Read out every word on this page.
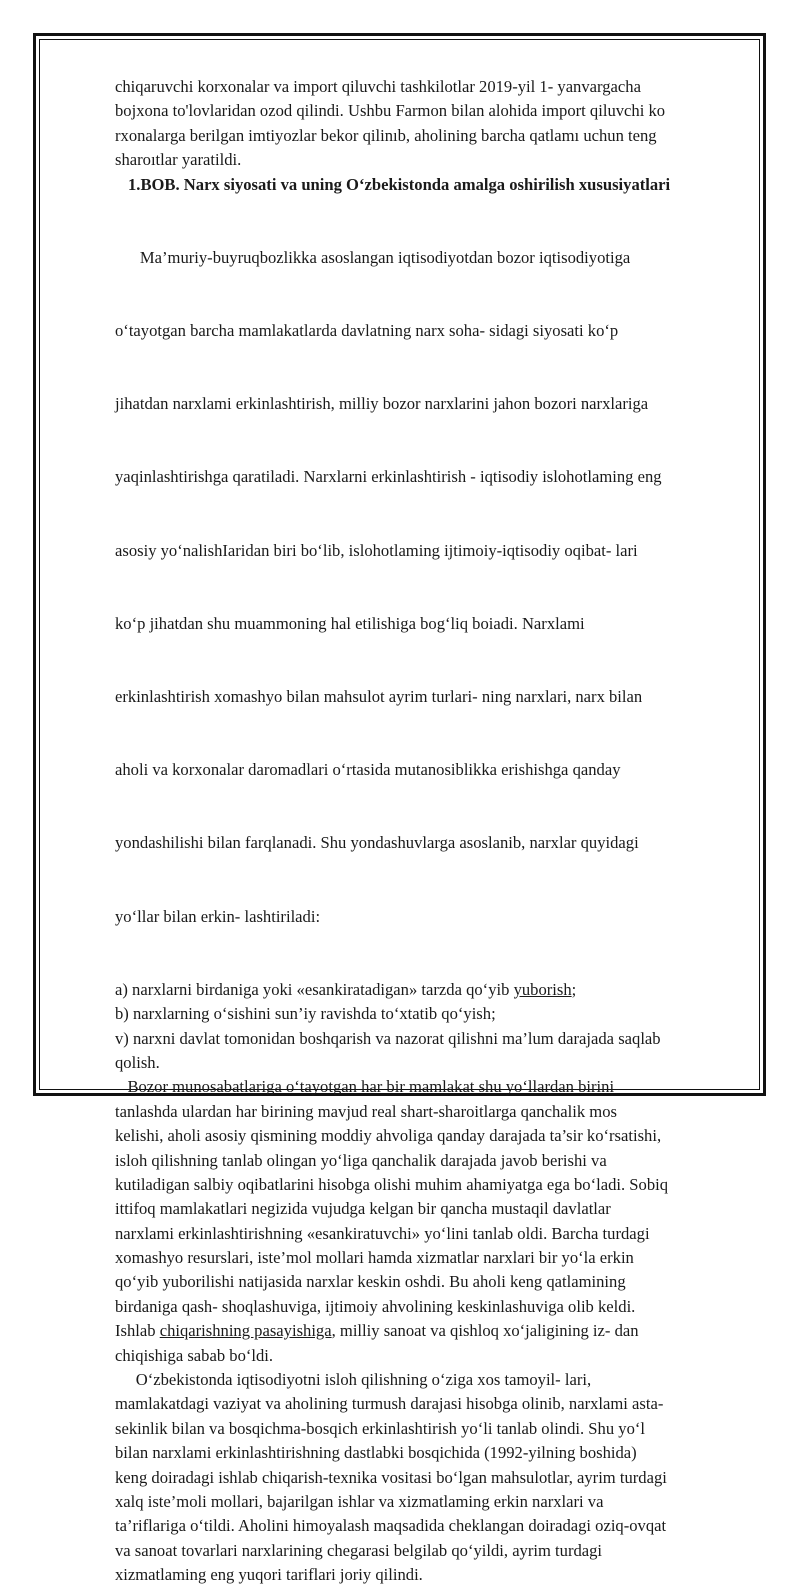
chiqaruvchi korxonalar va import qiluvchi tashkilotlar 2019-yil 1- yanvargacha
bojxona to'lovlaridan ozod qilindi. Ushbu Farmon bilan alohida import qiluvchi ko
rxonalarga berilgan imtiyozlar bekor qilinıb, aholining barcha qatlamı uchun teng
sharoıtlar yaratildi.
1.BOB. Narx siyosati va uning O‘zbekistonda amalga oshirilish xususiyatlari

Ma’muriy-buyruqbozlikka asoslangan iqtisodiyotdan bozor iqtisodiyotiga

o‘tayotgan barcha mamlakatlarda davlatning narx soha- sidagi siyosati ko‘p

jihatdan narxlami erkinlashtirish, milliy bozor narxlarini jahon bozori narxlariga

yaqinlashtirishga qaratiladi. Narxlarni erkinlashtirish - iqtisodiy islohotlaming eng

asosiy yo‘nalishIaridan biri bo‘lib, islohotlaming ijtimoiy-iqtisodiy oqibat- lari

ko‘p jihatdan shu muammoning hal etilishiga bog‘liq boiadi. Narxlami

erkinlashtirish xomashyo bilan mahsulot ayrim turlari- ning narxlari, narx bilan

aholi va korxonalar daromadlari o‘rtasida mutanosiblikka erishishga qanday

yondashilishi bilan farqlanadi. Shu yondashuvlarga asoslanib, narxlar quyidagi

yo‘llar bilan erkin- lashtiriladi:

a) narxlarni birdaniga yoki «esankiratadigan» tarzda qo‘yib yuborish;
b) narxlarning o‘sishini sun’iy ravishda to‘xtatib qo‘yish;
v) narxni davlat tomonidan boshqarish va nazorat qilishni ma’lum darajada saqlab
qolish.
Bozor munosabatlariga o‘tayotgan har bir mamlakat shu yo‘llardan birini
tanlashda ulardan har birining mavjud real shart-sharoitlarga qanchalik mos
kelishi, aholi asosiy qismining moddiy ahvoliga qanday darajada ta’sir ko‘rsatishi,
isloh qilishning tanlab olingan yo‘liga qanchalik darajada javob berishi va
kutiladigan salbiy oqibatlarini hisobga olishi muhim ahamiyatga ega bo‘ladi. Sobiq
ittifoq mamlakatlari negizida vujudga kelgan bir qancha mustaqil davlatlar
narxlami erkinlashtirishning «esankiratuvchi» yo‘lini tanlab oldi. Barcha turdagi
xomashyo resurslari, iste’mol mollari hamda xizmatlar narxlari bir yo‘la erkin
qo‘yib yuborilishi natijasida narxlar keskin oshdi. Bu aholi keng qatlamining
birdaniga qash- shoqlashuviga, ijtimoiy ahvolining keskinlashuviga olib keldi.
Ishlab chiqarishning pasayishiga, milliy sanoat va qishloq xo‘jaligining iz- dan
chiqishiga sabab bo‘ldi.
O‘zbekistonda iqtisodiyotni isloh qilishning o‘ziga xos tamoyil- lari,
mamlakatdagi vaziyat va aholining turmush darajasi hisobga olinib, narxlami asta-
sekinlik bilan va bosqichma-bosqich erkinlashtirish yo‘li tanlab olindi. Shu yo‘l
bilan narxlami erkinlashtirishning dastlabki bosqichida (1992-yilning boshida)
keng doiradagi ishlab chiqarish-texnika vositasi bo‘lgan mahsulotlar, ayrim turdagi
xalq iste’moli mollari, bajarilgan ishlar va xizmatlaming erkin narxlari va
ta’riflariga o‘tildi. Aholini himoyalash maqsadida cheklangan doiradagi oziq-ovqat
va sanoat tovarlari narxlarining chegarasi belgilab qo‘yildi, ayrim turdagi
xizmatlaming eng yuqori tariflari joriy qilindi.
